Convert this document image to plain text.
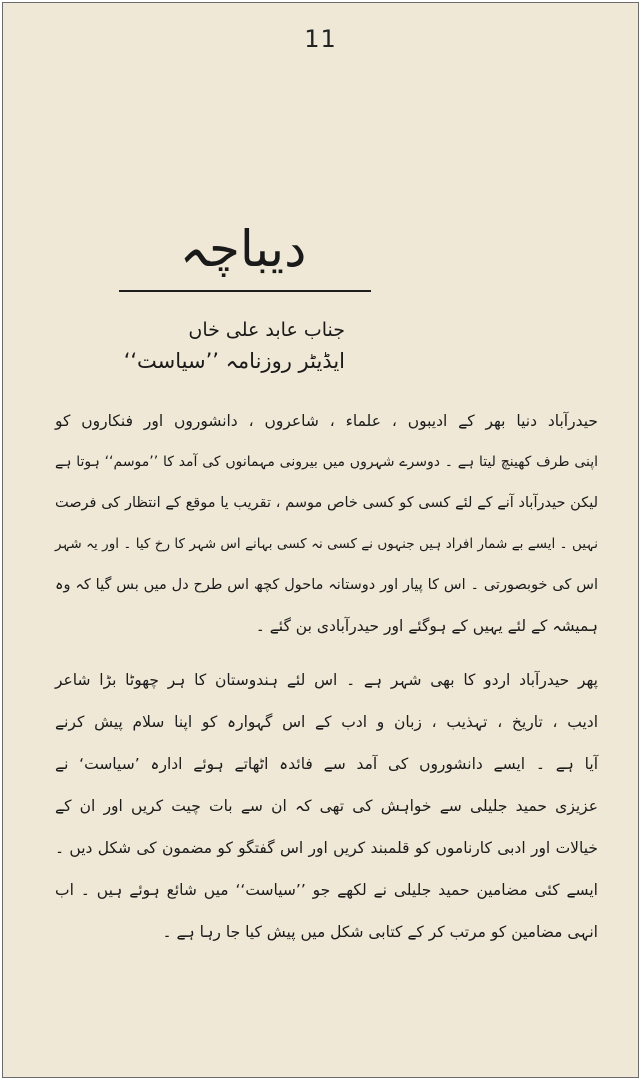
11
دیباچہ
جناب عابد علی خاں
ایڈیٹر روزنامہ ’’سیاست‘‘
حیدرآباد دنیا بھر کے ادیبوں ، علماء ، شاعروں ، دانشوروں اور فنکاروں کو
اپنی طرف کھینچ لیتا ہے ۔ دوسرے شہروں میں بیرونی مہمانوں کی آمد کا ’’موسم‘‘ ہوتا ہے
لیکن حیدرآباد آنے کے لئے کسی کو کسی خاص موسم ، تقریب یا موقع کے انتظار کی فرصت
نہیں ۔ ایسے بے شمار افراد ہیں جنہوں نے کسی نہ کسی بہانے اس شہر کا رخ کیا ۔ اور یہ شہر
اس کی خوبصورتی ۔ اس کا پیار اور دوستانہ ماحول کچھ اس طرح دل میں بس گیا کہ وہ
ہمیشہ کے لئے یہیں کے ہوگئے اور حیدرآبادی بن گئے ۔
پھر حیدرآباد اردو کا بھی شہر ہے ۔ اس لئے ہندوستان کا ہر چھوٹا بڑا شاعر
ادیب ، تاریخ ، تہذیب ، زبان و ادب کے اس گہوارہ کو اپنا سلام پیش کرنے
آیا ہے ۔ ایسے دانشوروں کی آمد سے فائدہ اٹھاتے ہوئے ادارہ ’سیاست‘ نے
عزیزی حمید جلیلی سے خواہش کی تھی کہ ان سے بات چیت کریں اور ان کے
خیالات اور ادبی کارناموں کو قلمبند کریں اور اس گفتگو کو مضمون کی شکل دیں ۔
ایسے کئی مضامین حمید جلیلی نے لکھے جو ’’سیاست‘‘ میں شائع ہوئے ہیں ۔ اب
انہی مضامین کو مرتب کر کے کتابی شکل میں پیش کیا جا رہا ہے ۔
